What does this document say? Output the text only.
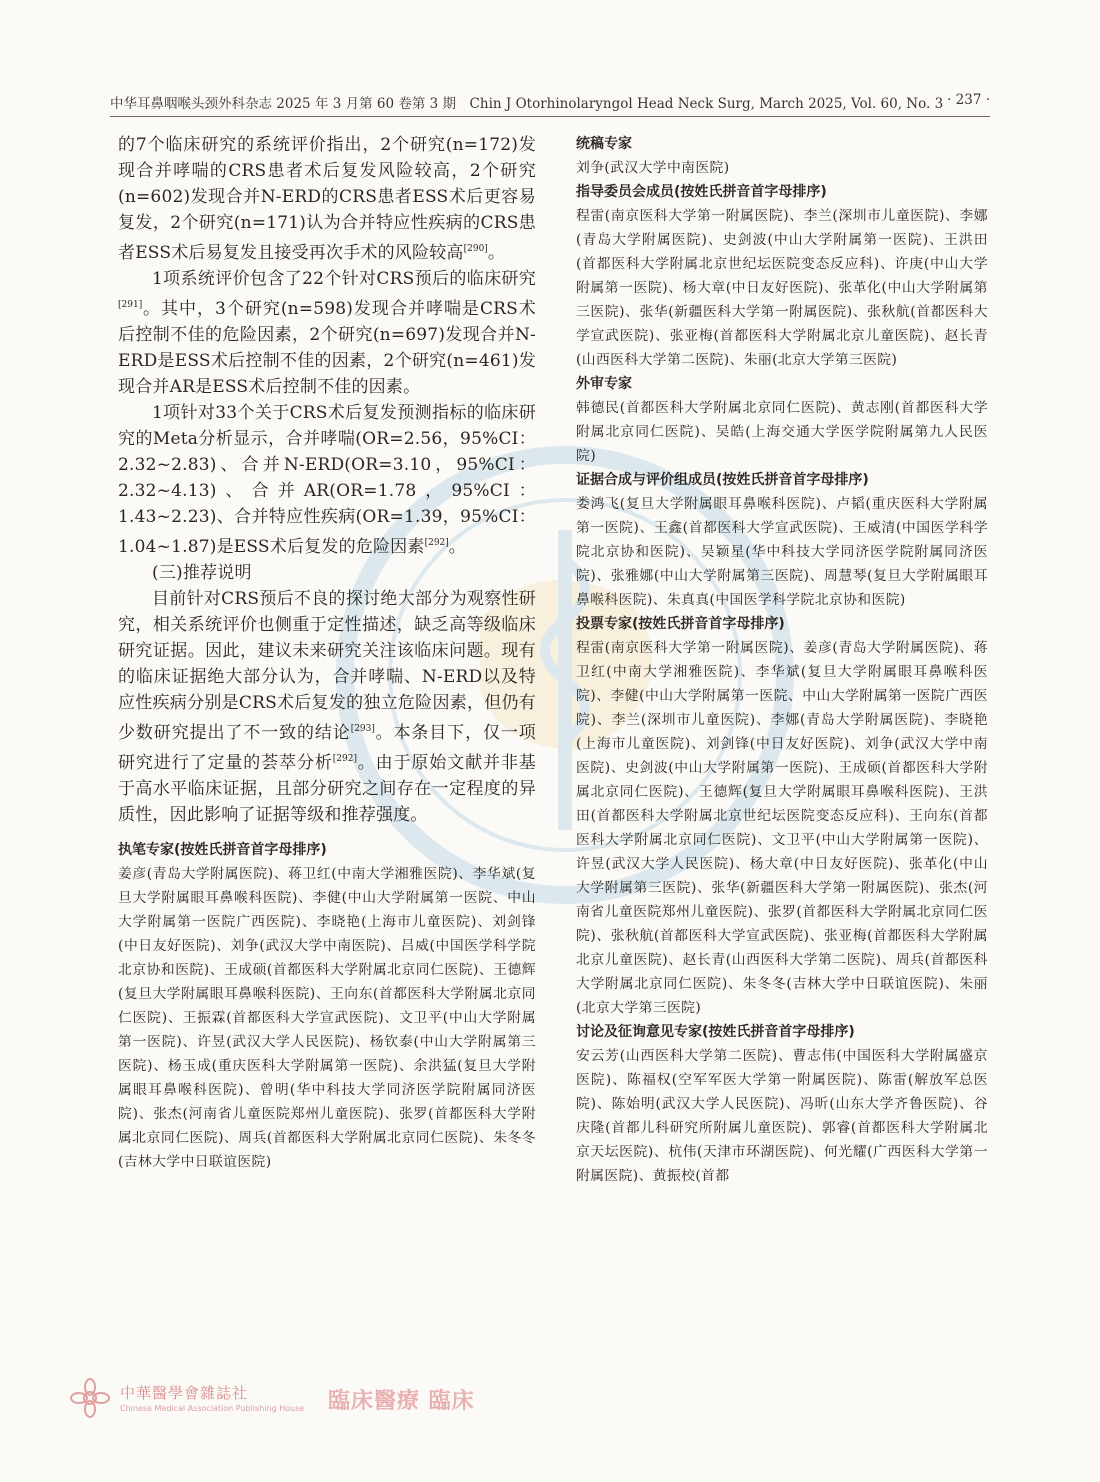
中华耳鼻咽喉头颈外科杂志 2025 年 3 月第 60 卷第 3 期　Chin J Otorhinolaryngol Head Neck Surg, March 2025, Vol. 60, No. 3 · 237 ·

的7个临床研究的系统评价指出，2个研究(n=172)发现合并哮喘的CRS患者术后复发风险较高，2个研究(n=602)发现合并N-ERD的CRS患者ESS术后更容易复发，2个研究(n=171)认为合并特应性疾病的CRS患者ESS术后易复发且接受再次手术的风险较高[290]。

1项系统评价包含了22个针对CRS预后的临床研究[291]。其中，3个研究(n=598)发现合并哮喘是CRS术后控制不佳的危险因素，2个研究(n=697)发现合并N-ERD是ESS术后控制不佳的因素，2个研究(n=461)发现合并AR是ESS术后控制不佳的因素。

1项针对33个关于CRS术后复发预测指标的临床研究的Meta分析显示，合并哮喘(OR=2.56，95%CI：2.32~2.83)、合并N-ERD(OR=3.10，95%CI：2.32~4.13)、合并AR(OR=1.78，95%CI：1.43~2.23)、合并特应性疾病(OR=1.39，95%CI：1.04~1.87)是ESS术后复发的危险因素[292]。

(三)推荐说明

目前针对CRS预后不良的探讨绝大部分为观察性研究，相关系统评价也侧重于定性描述，缺乏高等级临床研究证据。因此，建议未来研究关注该临床问题。现有的临床证据绝大部分认为，合并哮喘、N-ERD以及特应性疾病分别是CRS术后复发的独立危险因素，但仍有少数研究提出了不一致的结论[293]。本条目下，仅一项研究进行了定量的荟萃分析[292]。由于原始文献并非基于高水平临床证据，且部分研究之间存在一定程度的异质性，因此影响了证据等级和推荐强度。

执笔专家(按姓氏拼音首字母排序)

姜彦(青岛大学附属医院)、蒋卫红(中南大学湘雅医院)、李华斌(复旦大学附属眼耳鼻喉科医院)、李健(中山大学附属第一医院、中山大学附属第一医院广西医院)、李晓艳(上海市儿童医院)、刘剑锋(中日友好医院)、刘争(武汉大学中南医院)、吕威(中国医学科学院北京协和医院)、王成硕(首都医科大学附属北京同仁医院)、王德辉(复旦大学附属眼耳鼻喉科医院)、王向东(首都医科大学附属北京同仁医院)、王振霖(首都医科大学宣武医院)、文卫平(中山大学附属第一医院)、许昱(武汉大学人民医院)、杨钦泰(中山大学附属第三医院)、杨玉成(重庆医科大学附属第一医院)、余洪猛(复旦大学附属眼耳鼻喉科医院)、曾明(华中科技大学同济医学院附属同济医院)、张杰(河南省儿童医院郑州儿童医院)、张罗(首都医科大学附属北京同仁医院)、周兵(首都医科大学附属北京同仁医院)、朱冬冬(吉林大学中日联谊医院)

统稿专家

刘争(武汉大学中南医院)

指导委员会成员(按姓氏拼音首字母排序)

程雷(南京医科大学第一附属医院)、李兰(深圳市儿童医院)、李娜(青岛大学附属医院)、史剑波(中山大学附属第一医院)、王洪田(首都医科大学附属北京世纪坛医院变态反应科)、许庚(中山大学附属第一医院)、杨大章(中日友好医院)、张革化(中山大学附属第三医院)、张华(新疆医科大学第一附属医院)、张秋航(首都医科大学宣武医院)、张亚梅(首都医科大学附属北京儿童医院)、赵长青(山西医科大学第二医院)、朱丽(北京大学第三医院)

外审专家

韩德民(首都医科大学附属北京同仁医院)、黄志刚(首都医科大学附属北京同仁医院)、吴皓(上海交通大学医学院附属第九人民医院)

证据合成与评价组成员(按姓氏拼音首字母排序)

娄鸿飞(复旦大学附属眼耳鼻喉科医院)、卢韬(重庆医科大学附属第一医院)、王鑫(首都医科大学宣武医院)、王威清(中国医学科学院北京协和医院)、吴颖星(华中科技大学同济医学院附属同济医院)、张雅娜(中山大学附属第三医院)、周慧琴(复旦大学附属眼耳鼻喉科医院)、朱真真(中国医学科学院北京协和医院)

投票专家(按姓氏拼音首字母排序)

程雷(南京医科大学第一附属医院)、姜彦(青岛大学附属医院)、蒋卫红(中南大学湘雅医院)、李华斌(复旦大学附属眼耳鼻喉科医院)、李健(中山大学附属第一医院、中山大学附属第一医院广西医院)、李兰(深圳市儿童医院)、李娜(青岛大学附属医院)、李晓艳(上海市儿童医院)、刘剑锋(中日友好医院)、刘争(武汉大学中南医院)、史剑波(中山大学附属第一医院)、王成硕(首都医科大学附属北京同仁医院)、王德辉(复旦大学附属眼耳鼻喉科医院)、王洪田(首都医科大学附属北京世纪坛医院变态反应科)、王向东(首都医科大学附属北京同仁医院)、文卫平(中山大学附属第一医院)、许昱(武汉大学人民医院)、杨大章(中日友好医院)、张革化(中山大学附属第三医院)、张华(新疆医科大学第一附属医院)、张杰(河南省儿童医院郑州儿童医院)、张罗(首都医科大学附属北京同仁医院)、张秋航(首都医科大学宣武医院)、张亚梅(首都医科大学附属北京儿童医院)、赵长青(山西医科大学第二医院)、周兵(首都医科大学附属北京同仁医院)、朱冬冬(吉林大学中日联谊医院)、朱丽(北京大学第三医院)

讨论及征询意见专家(按姓氏拼音首字母排序)

安云芳(山西医科大学第二医院)、曹志伟(中国医科大学附属盛京医院)、陈福权(空军军医大学第一附属医院)、陈雷(解放军总医院)、陈始明(武汉大学人民医院)、冯昕(山东大学齐鲁医院)、谷庆隆(首都儿科研究所附属儿童医院)、郭睿(首都医科大学附属北京天坛医院)、杭伟(天津市环湖医院)、何光耀(广西医科大学第一附属医院)、黄振校(首都

中華醫學會雜誌社
Chinese Medical Association Publishing House 臨床醫療 臨床
